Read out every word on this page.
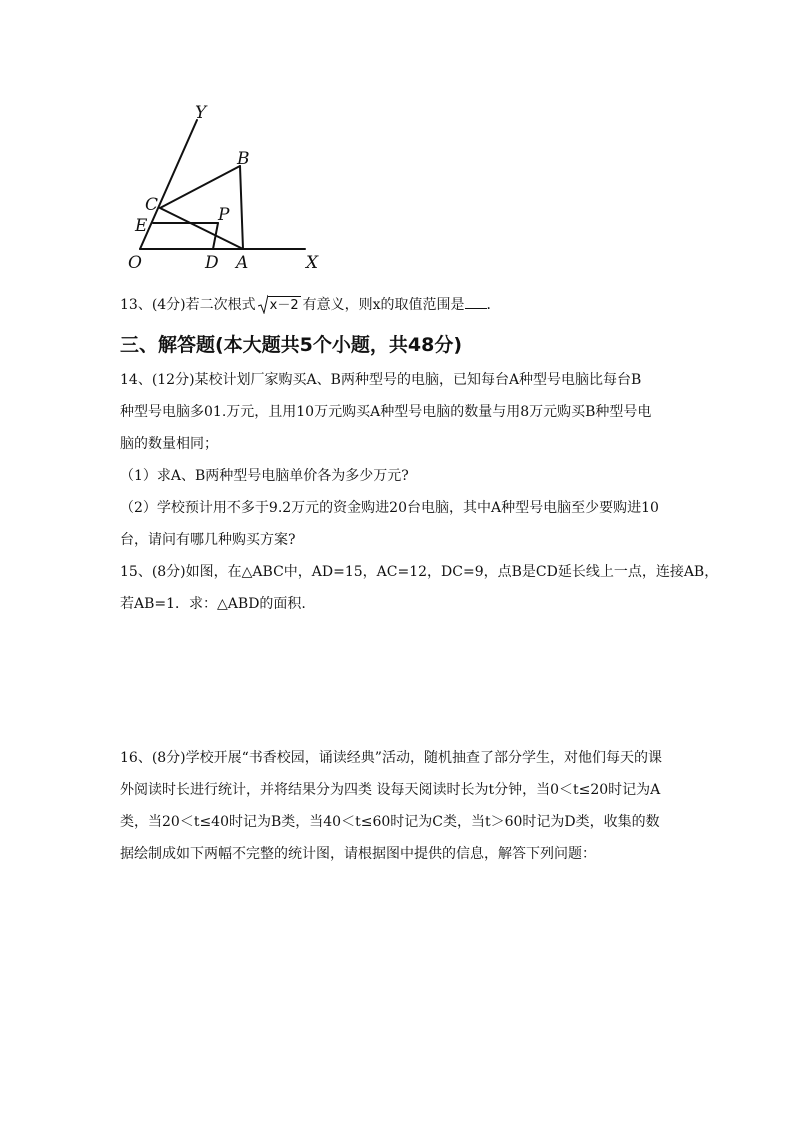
Y
B
C
E
P
O	D A	X
13、(4分)若二次根式 x－2 有意义，则x的取值范围是 ．
三、解答题(本大题共5个小题，共48分)
14、(12分)某校计划厂家购买A、B两种型号的电脑，已知每台A种型号电脑比每台B
种型号电脑多01.万元，且用10万元购买A种型号电脑的数量与用8万元购买B种型号电
脑的数量相同；
（1）求A、B两种型号电脑单价各为多少万元?
（2）学校预计用不多于9.2万元的资金购进20台电脑，其中A种型号电脑至少要购进10
台，请问有哪几种购买方案?
15、(8分)如图，在△ABC中，AD=15，AC=12，DC=9，点B是CD延长线上一点，连接AB，
若AB=1．求：△ABD的面积.
16、(8分)学校开展“书香校园，诵读经典”活动，随机抽查了部分学生，对他们每天的课
外阅读时长进行统计，并将结果分为四类 设每天阅读时长为t分钟，当0＜t≤20时记为A
类，当20＜t≤40时记为B类，当40＜t≤60时记为C类，当t＞60时记为D类，收集的数
据绘制成如下两幅不完整的统计图，请根据图中提供的信息，解答下列问题：
